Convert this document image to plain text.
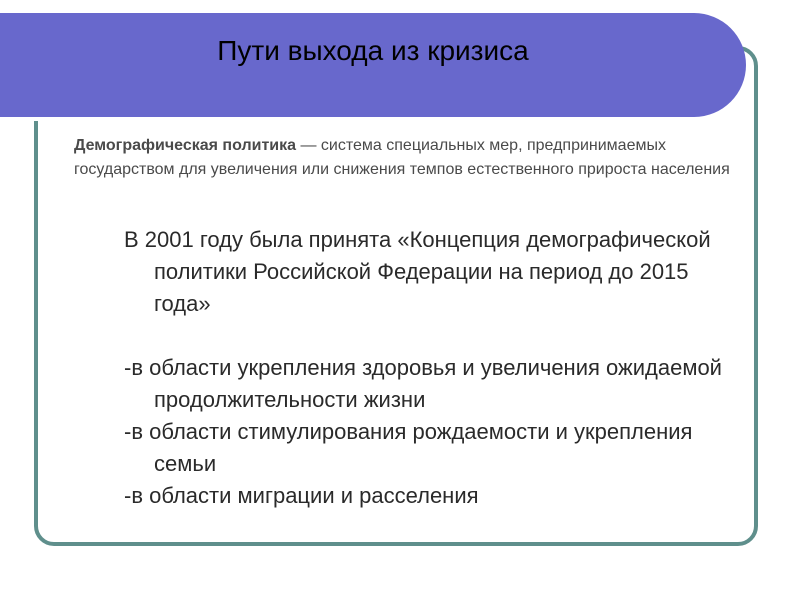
Пути выхода из кризиса

Демографическая политика — система специальных мер, предпринимаемых государством для увеличения или снижения темпов естественного прироста населения

В 2001 году была принята «Концепция демографической политики Российской Федерации на период до 2015 года»

-в области укрепления здоровья и увеличения ожидаемой продолжительности жизни

-в области стимулирования рождаемости и укрепления семьи

-в области миграции и расселения
